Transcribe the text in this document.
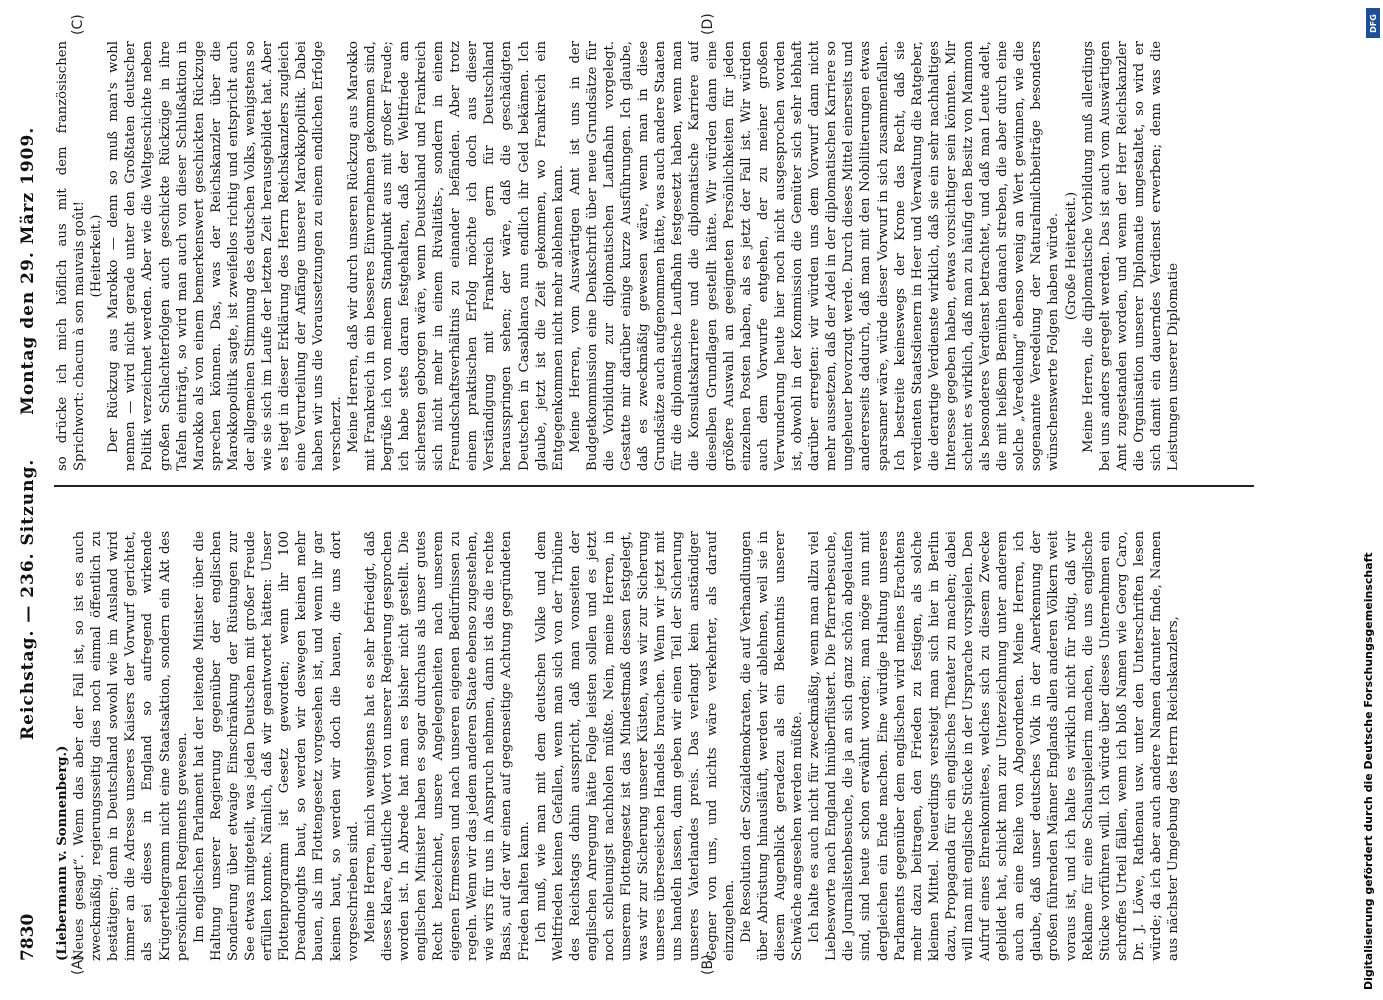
7830
Reichstag. — 236. Sitzung.
Montag den 29. März 1909.
(A)	(B)
(C)	(D)

(Liebermann v. Sonnenberg.) Neues gesagt“. Wenn das aber der Fall ist, so ist es auch zweckmäßig, regierungsseitig dies noch einmal öffentlich zu bestätigen; denn in Deutschland sowohl wie im Ausland wird immer an die Adresse unseres Kaisers der Vorwurf gerichtet, als sei dieses in England so aufregend wirkende Krügertelegramm nicht eine Staatsaktion, sondern ein Akt des persönlichen Regiments gewesen. Im englischen Parlament hat der leitende Minister über die Haltung unserer Regierung gegenüber der englischen Sondierung über etwaige Einschränkung der Rüstungen zur See etwas mitgeteilt, was jeden Deutschen mit großer Freude erfüllen konnte. Nämlich, daß wir geantwortet hätten: Unser Flottenprogramm ist Gesetz geworden; wenn ihr 100 Dreadnoughts baut, so werden wir deswegen keinen mehr bauen, als im Flottengesetz vorgesehen ist, und wenn ihr gar keinen baut, so werden wir doch die bauen, die uns dort vorgeschrieben sind. Meine Herren, mich wenigstens hat es sehr befriedigt, daß dieses klare, deutliche Wort von unserer Regierung gesprochen worden ist. In Abrede hat man es bisher nicht gestellt. Die englischen Minister haben es sogar durchaus als unser gutes Recht bezeichnet, unsere Angelegenheiten nach unserem eigenen Ermessen und nach unseren eigenen Bedürfnissen zu regeln. Wenn wir das jedem anderen Staate ebenso zugestehen, wie wirs für uns in Anspruch nehmen, dann ist das die rechte Basis, auf der wir einen auf gegenseitige Achtung gegründeten Frieden halten kann. Ich muß, wie man mit dem deutschen Volke und dem Weltfrieden keinen Gefallen, wenn man sich von der Tribüne des Reichstags dahin ausspricht, daß man vonseiten der englischen Anregung hätte Folge leisten sollen und es jetzt noch schleunigst nachholen müßte. Nein, meine Herren, in unserem Flottengesetz ist das Mindestmaß dessen festgelegt, was wir zur Sicherung unserer Küsten, was wir zur Sicherung unseres überseeischen Handels brauchen. Wenn wir jetzt mit uns handeln lassen, dann geben wir einen Teil der Sicherung unseres Vaterlandes preis. Das verlangt kein anständiger Gegner von uns, und nichts wäre verkehrter, als darauf einzugehen. Die Resolution der Sozialdemokraten, die auf Verhandlungen über Abrüstung hinausläuft, werden wir ablehnen, weil sie in diesem Augenblick geradezu als ein Bekenntnis unserer Schwäche angesehen werden müßte. Ich halte es auch nicht für zweckmäßig, wenn man allzu viel Liebesworte nach England hinüberflüstert. Die Pfarrerbesuche, die Journalistenbesuche, die ja an sich ganz schön abgelaufen sind, sind heute schon erwähnt worden; man möge nun mit dergleichen ein Ende machen. Eine würdige Haltung unseres Parlaments gegenüber dem englischen wird meines Erachtens mehr dazu beitragen, den Frieden zu festigen, als solche kleinen Mittel. Neuerdings versteigt man sich hier in Berlin dazu, Propaganda für ein englisches Theater zu machen; dabei will man mit englische Stücke in der Ursprache vorspielen. Den Aufruf eines Ehrenkomitees, welches sich zu diesem Zwecke gebildet hat, schickt man zur Unterzeichnung unter anderem auch an eine Reihe von Abgeordneten. Meine Herren, ich glaube, daß unser deutsches Volk in der Anerkennung der großen führenden Männer Englands allen anderen Völkern weit voraus ist, und ich halte es wirklich nicht für nötig, daß wir Reklame für eine Schauspielerin machen, die uns englische Stücke vorführen will. Ich würde über dieses Unternehmen ein schroffes Urteil fällen, wenn ich bloß Namen wie Georg Caro, Dr. J. Löwe, Rathenau usw. unter den Unterschriften lesen würde; da ich aber auch andere Namen darunter finde, Namen aus nächster Umgebung des Herrn Reichskanzlers,

so drücke ich mich höflich aus mit dem französischen Sprichwort: chacun à son mauvais goût! (Heiterkeit.) Der Rückzug aus Marokko — denn so muß man's wohl nennen — wird nicht gerade unter den Großtaten deutscher Politik verzeichnet werden. Aber wie die Weltgeschichte neben großen Schlachterfolgen auch geschickte Rückzüge in ihre Tafeln einträgt, so wird man auch von dieser Schlußaktion in Marokko als von einem bemerkenswert geschickten Rückzuge sprechen können. Das, was der Reichskanzler über die Marokkopolitik sagte, ist zweifellos richtig und entspricht auch der allgemeinen Stimmung des deutschen Volks, wenigstens so wie sie sich im Laufe der letzten Zeit herausgebildet hat. Aber es liegt in dieser Erklärung des Herrn Reichskanzlers zugleich eine Verurteilung der Anfänge unserer Marokkopolitik. Dabei haben wir uns die Voraussetzungen zu einem endlichen Erfolge verscherzt. Meine Herren, daß wir durch unseren Rückzug aus Marokko mit Frankreich in ein besseres Einvernehmen gekommen sind, begrüße ich von meinem Standpunkt aus mit großer Freude; ich habe stets daran festgehalten, daß der Weltfriede am sichersten geborgen wäre, wenn Deutschland und Frankreich sich nicht mehr in einem Rivalitäts-, sondern in einem Freundschaftsverhältnis zu einander befänden. Aber trotz einem praktischen Erfolg möchte ich doch aus dieser Verständigung mit Frankreich gern für Deutschland herausspringen sehen; der wäre, daß die geschädigten Deutschen in Casablanca nun endlich ihr Geld bekämen. Ich glaube, jetzt ist die Zeit gekommen, wo Frankreich ein Entgegenkommen nicht mehr ablehnen kann. Meine Herren, vom Auswärtigen Amt ist uns in der Budgetkommission eine Denkschrift über neue Grundsätze für die Vorbildung zur diplomatischen Laufbahn vorgelegt. Gestatte mir darüber einige kurze Ausführungen. Ich glaube, daß es zweckmäßig gewesen wäre, wenn man in diese Grundsätze auch aufgenommen hätte, was auch andere Staaten für die diplomatische Laufbahn festgesetzt haben, wenn man die Konsulatskarriere und die diplomatische Karriere auf dieselben Grundlagen gestellt hätte. Wir würden dann eine größere Auswahl an geeigneten Persönlichkeiten für jeden einzelnen Posten haben, als es jetzt der Fall ist. Wir würden auch dem Vorwurfe entgehen, der zu meiner großen Verwunderung heute hier noch nicht ausgesprochen worden ist, obwohl in der Kommission die Gemüter sich sehr lebhaft darüber erregten: wir würden uns dem Vorwurf dann nicht mehr aussetzen, daß der Adel in der diplomatischen Karriere so ungeheuer bevorzugt werde. Durch dieses Mittel einerseits und andererseits dadurch, daß man mit den Nobilitierungen etwas sparsamer wäre, würde dieser Vorwurf in sich zusammenfallen. Ich bestreite keineswegs der Krone das Recht, daß sie verdienten Staatsdienern in Heer und Verwaltung die Ratgeber, die derartige Verdienste wirklich, daß sie ein sehr nachhaltiges Interesse gegeben haben, etwas vorsichtiger sein könnten. Mir scheint es wirklich, daß man zu häufig den Besitz von Mammon als besonderes Verdienst betrachtet, und daß man Leute adelt, die mit heißem Bemühen danach streben, die aber durch eine solche „Veredelung“ ebenso wenig an Wert gewinnen, wie die sogenannte Veredelung der Naturalmilchbeiträge besonders wünschenswerte Folgen haben würde. (Große Heiterkeit.) Meine Herren, die diplomatische Vorbildung muß allerdings bei uns anders geregelt werden. Das ist auch vom Auswärtigen Amt zugestanden worden, und wenn der Herr Reichskanzler die Organisation unserer Diplomatie umgestaltet, so wird er sich damit ein dauerndes Verdienst erwerben; denn was die Leistungen unserer Diplomatie

DFG
Digitalisierung gefördert durch die Deutsche Forschungsgemeinschaft
